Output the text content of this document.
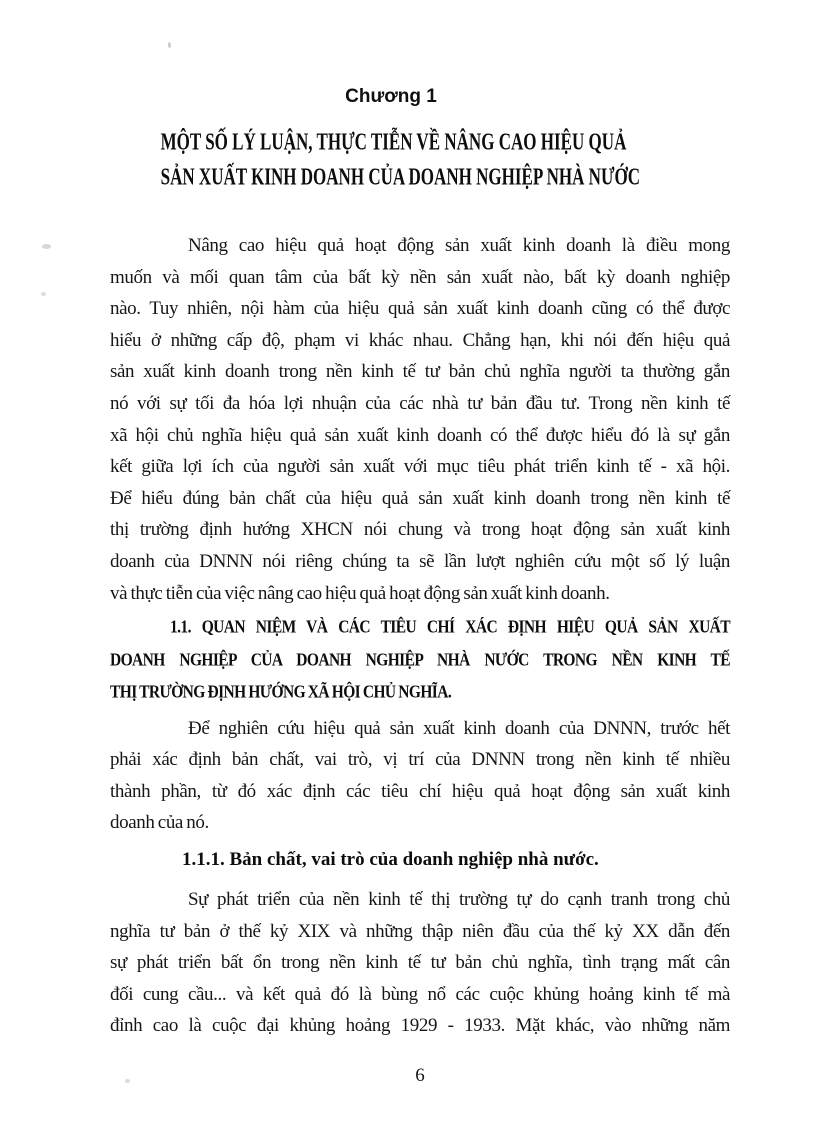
Chương 1
MỘT SỐ LÝ LUẬN, THỰC TIỄN VỀ NÂNG CAO HIỆU QUẢ
SẢN XUẤT KINH DOANH CỦA DOANH NGHIỆP NHÀ NƯỚC
Nâng cao hiệu quả hoạt động sản xuất kinh doanh là điều mong
muốn và mối quan tâm của bất kỳ nền sản xuất nào, bất kỳ doanh nghiệp
nào. Tuy nhiên, nội hàm của hiệu quả sản xuất kinh doanh cũng có thể được
hiểu ở những cấp độ, phạm vi khác nhau. Chẳng hạn, khi nói đến hiệu quả
sản xuất kinh doanh trong nền kinh tế tư bản chủ nghĩa người ta thường gắn
nó với sự tối đa hóa lợi nhuận của các nhà tư bản đầu tư. Trong nền kinh tế
xã hội chủ nghĩa hiệu quả sản xuất kinh doanh có thể được hiểu đó là sự gắn
kết giữa lợi ích của người sản xuất với mục tiêu phát triển kinh tế - xã hội.
Để hiểu đúng bản chất của hiệu quả sản xuất kinh doanh trong nền kinh tế
thị trường định hướng XHCN nói chung và trong hoạt động sản xuất kinh
doanh của DNNN nói riêng chúng ta sẽ lần lượt nghiên cứu một số lý luận
và thực tiễn của việc nâng cao hiệu quả hoạt động sản xuất kinh doanh.
1.1. QUAN NIỆM VÀ CÁC TIÊU CHÍ XÁC ĐỊNH HIỆU QUẢ SẢN XUẤT
DOANH NGHIỆP CỦA DOANH NGHIỆP NHÀ NƯỚC TRONG NỀN KINH TẾ
THỊ TRƯỜNG ĐỊNH HƯỚNG XÃ HỘI CHỦ NGHĨA.
Để nghiên cứu hiệu quả sản xuất kinh doanh của DNNN, trước hết
phải xác định bản chất, vai trò, vị trí của DNNN trong nền kinh tế nhiều
thành phần, từ đó xác định các tiêu chí hiệu quả hoạt động sản xuất kinh
doanh của nó.
1.1.1. Bản chất, vai trò của doanh nghiệp nhà nước.
Sự phát triển của nền kinh tế thị trường tự do cạnh tranh trong chủ
nghĩa tư bản ở thế kỷ XIX và những thập niên đầu của thế kỷ XX dẫn đến
sự phát triển bất ổn trong nền kinh tế tư bản chủ nghĩa, tình trạng mất cân
đối cung cầu... và kết quả đó là bùng nổ các cuộc khủng hoảng kinh tế mà
đỉnh cao là cuộc đại khủng hoảng 1929 - 1933. Mặt khác, vào những năm
6
